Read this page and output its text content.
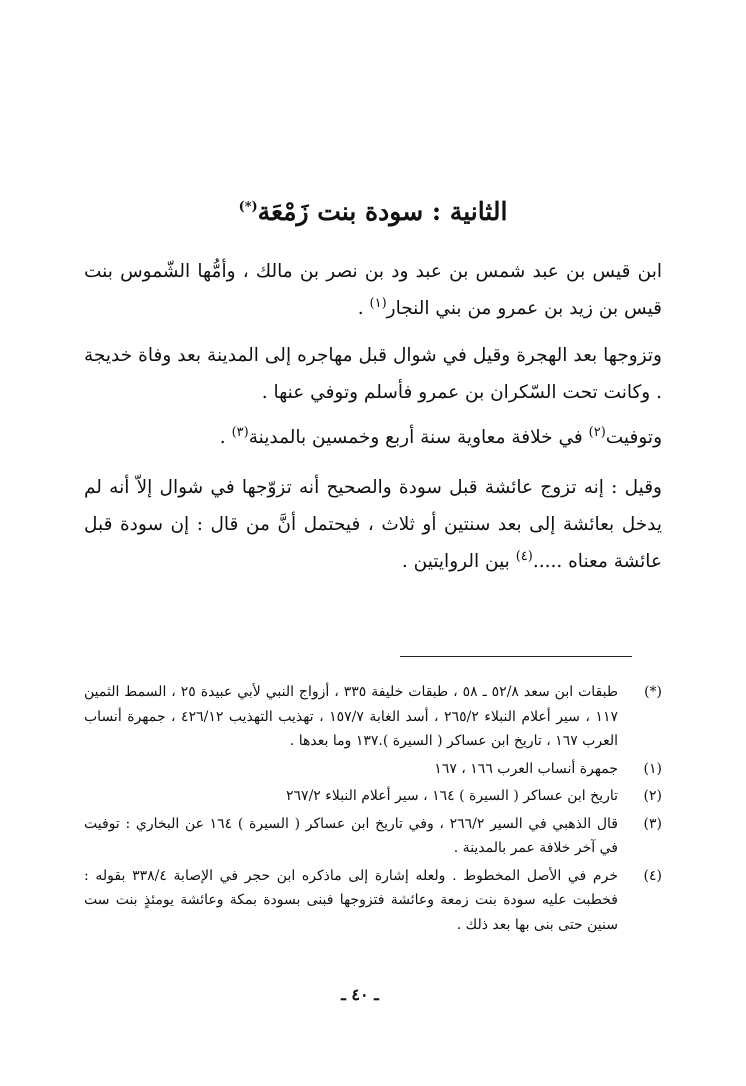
الثانية : سودة بنت زَمْعَة(*)
ابن قيس بن عبد شمس بن عبد ود بن نصر بن مالك ، وأمُّها الشّموس بنت قيس بن زيد بن عمرو من بني النجار$^{(١)}$ .
وتزوجها بعد الهجرة وقيل في شوال قبل مهاجره إلى المدينة بعد وفاة خديجة . وكانت تحت السّكران بن عمرو فأسلم وتوفي عنها .
وتوفيت$^{(٢)}$ في خلافة معاوية سنة أربع وخمسين بالمدينة$^{(٣)}$ .
وقيل : إنه تزوج عائشة قبل سودة والصحيح أنه تزوّجها في شوال إلاّ أنه لم يدخل بعائشة إلى بعد سنتين أو ثلاث ، فيحتمل أنَّ من قال : إن سودة قبل عائشة معناه .....$^{(٤)}$ بين الروايتين .
(*)
طبقات ابن سعد ٥٢/٨ ـ ٥٨ ، طبقات خليفة ٣٣٥ ، أزواج النبي لأبي عبيدة ٢٥ ، السمط الثمين ١١٧ ، سير أعلام النبلاء ٢٦٥/٢ ، أسد الغابة ١٥٧/٧ ، تهذيب التهذيب ٤٢٦/١٢ ، جمهرة أنساب العرب ١٦٧ ، تاريخ ابن عساكر ( السيرة ).١٣٧ وما بعدها .
(١)
جمهرة أنساب العرب ١٦٦ ، ١٦٧
(٢)
تاريخ ابن عساكر ( السيرة ) ١٦٤ ، سير أعلام النبلاء ٢٦٧/٢
(٣)
قال الذهبي في السير ٢٦٦/٢ ، وفي تاريخ ابن عساكر ( السيرة ) ١٦٤ عن البخاري : توفيت في آخر خلافة عمر بالمدينة .
(٤)
خرم في الأصل المخطوط . ولعله إشارة إلى ماذكره ابن حجر في الإصابة ٣٣٨/٤ بقوله : فخطبت عليه سودة بنت زمعة وعائشة فتزوجها فبنى بسودة بمكة وعائشة يومئذٍ بنت ست سنين حتى بنى بها بعد ذلك .
ـ ٤٠ ـ
